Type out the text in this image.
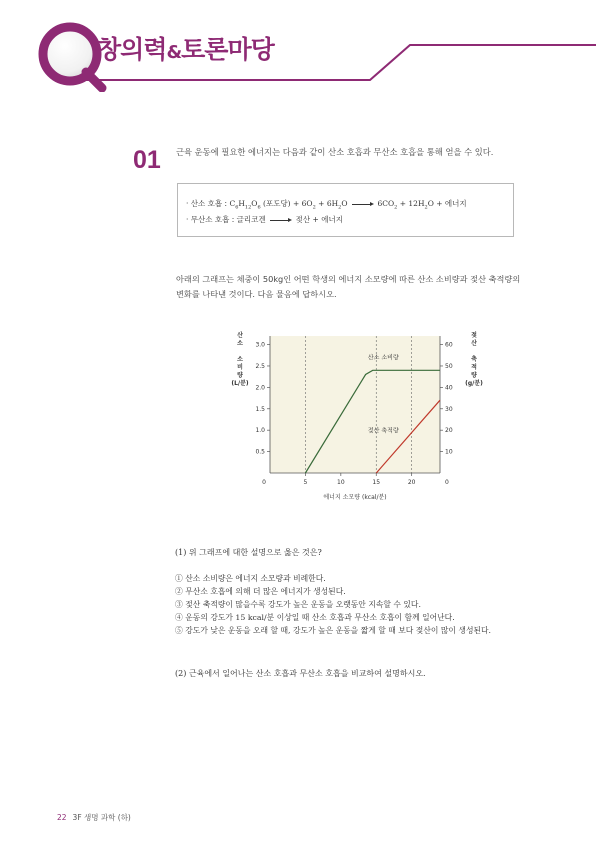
창의력&토론마당
01 근육 운동에 필요한 에너지는 다음과 같이 산소 호흡과 무산소 호흡을 통해 얻을 수 있다.
· 산소 호흡 : $C_6H_{12}O_6$ (포도당) + $6O_2 + 6H_2O$	$6CO_2 + 12H_2O$ + 에너지
· 무산소 호흡 : 글리코겐	젖산 + 에너지
아래의 그래프는 체중이 50kg인 어떤 학생의 에너지 소모량에 따른 산소 소비량과 젖산 축적량의 변화를 나타낸 것이다. 다음 물음에 답하시오.
0	5	10	15	20
0.5
1.0
1.5
2.0
2.5
3.0
0
10
20
30
40
50
60
에너지 소모량 (kcal/분)
산
소
소
비
량
(L/분)
젖
산
축
적
량
(g/분)
산소 소비량
젖산 축적량
(1) 위 그래프에 대한 설명으로 옳은 것은?
① 산소 소비량은 에너지 소모량과 비례한다.
② 무산소 호흡에 의해 더 많은 에너지가 생성된다.
③ 젖산 축적량이 많을수록 강도가 높은 운동을 오랫동안 지속할 수 있다.
④ 운동의 강도가 15 kcal/분 이상일 때 산소 호흡과 무산소 호흡이 함께 일어난다.
⑤ 강도가 낮은 운동을 오래 할 때, 강도가 높은 운동을 짧게 할 때 보다 젖산이 많이 생성된다.
(2) 근육에서 일어나는 산소 호흡과 무산소 호흡을 비교하여 설명하시오.
22 3F 생명 과학 (하)
